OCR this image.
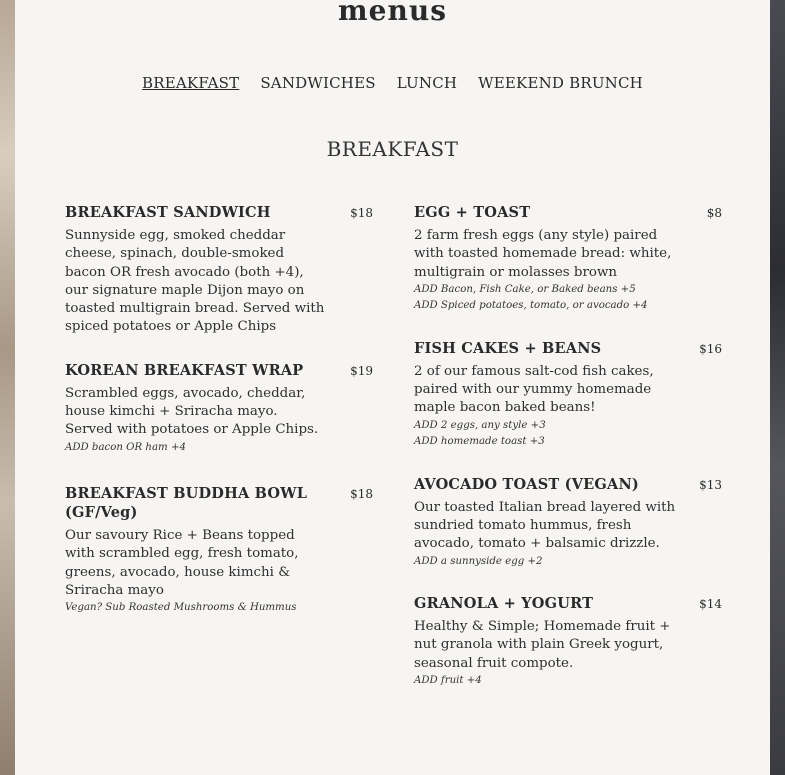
menus
BREAKFAST SANDWICHES LUNCH WEEKEND BRUNCH
BREAKFAST
BREAKFAST SANDWICH	$18
Sunnyside egg, smoked cheddar cheese, spinach, double-smoked bacon OR fresh avocado (both +4), our signature maple Dijon mayo on toasted multigrain bread. Served with spiced potatoes or Apple Chips
KOREAN BREAKFAST WRAP	$19
Scrambled eggs, avocado, cheddar, house kimchi + Sriracha mayo. Served with potatoes or Apple Chips.
ADD bacon OR ham +4
BREAKFAST BUDDHA BOWL (GF/Veg)
$18
Our savoury Rice + Beans topped with scrambled egg, fresh tomato, greens, avocado, house kimchi & Sriracha mayo
Vegan? Sub Roasted Mushrooms & Hummus
EGG + TOAST	$8
2 farm fresh eggs (any style) paired with toasted homemade bread: white, multigrain or molasses brown
ADD Bacon, Fish Cake, or Baked beans +5
ADD Spiced potatoes, tomato, or avocado +4
FISH CAKES + BEANS	$16
2 of our famous salt-cod fish cakes, paired with our yummy homemade maple bacon baked beans!
ADD 2 eggs, any style +3
ADD homemade toast +3
AVOCADO TOAST (VEGAN)	$13
Our toasted Italian bread layered with sundried tomato hummus, fresh avocado, tomato + balsamic drizzle.
ADD a sunnyside egg +2
GRANOLA + YOGURT	$14
Healthy & Simple; Homemade fruit + nut granola with plain Greek yogurt, seasonal fruit compote.
ADD fruit +4
